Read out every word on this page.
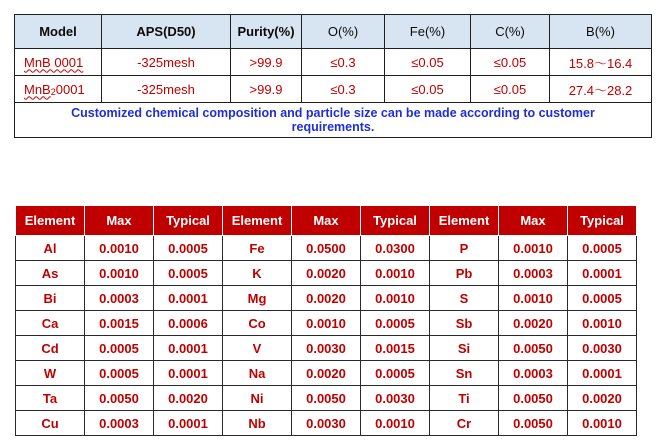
Model	APS(D50)	Purity(%)	O(%)	Fe(%)	C(%)	B(%)
MnB 0001	-325mesh	>99.9	≤0.3	≤0.05	≤0.05	15.8～16.4
MnB$_2$0001	-325mesh	>99.9	≤0.3	≤0.05	≤0.05	27.4～28.2
Customized chemical composition and particle size can be made according to customer requirements.						
Element	Max	Typical	Element	Max	Typical	Element	Max	Typical
Al	0.0010	0.0005	Fe	0.0500	0.0300	P	0.0010	0.0005
As	0.0010	0.0005	K	0.0020	0.0010	Pb	0.0003	0.0001
Bi	0.0003	0.0001	Mg	0.0020	0.0010	S	0.0010	0.0005
Ca	0.0015	0.0006	Co	0.0010	0.0005	Sb	0.0020	0.0010
Cd	0.0005	0.0001	V	0.0030	0.0015	Si	0.0050	0.0030
W	0.0005	0.0001	Na	0.0020	0.0005	Sn	0.0003	0.0001
Ta	0.0050	0.0020	Ni	0.0050	0.0030	Ti	0.0050	0.0020
Cu	0.0003	0.0001	Nb	0.0030	0.0010	Cr	0.0050	0.0010
